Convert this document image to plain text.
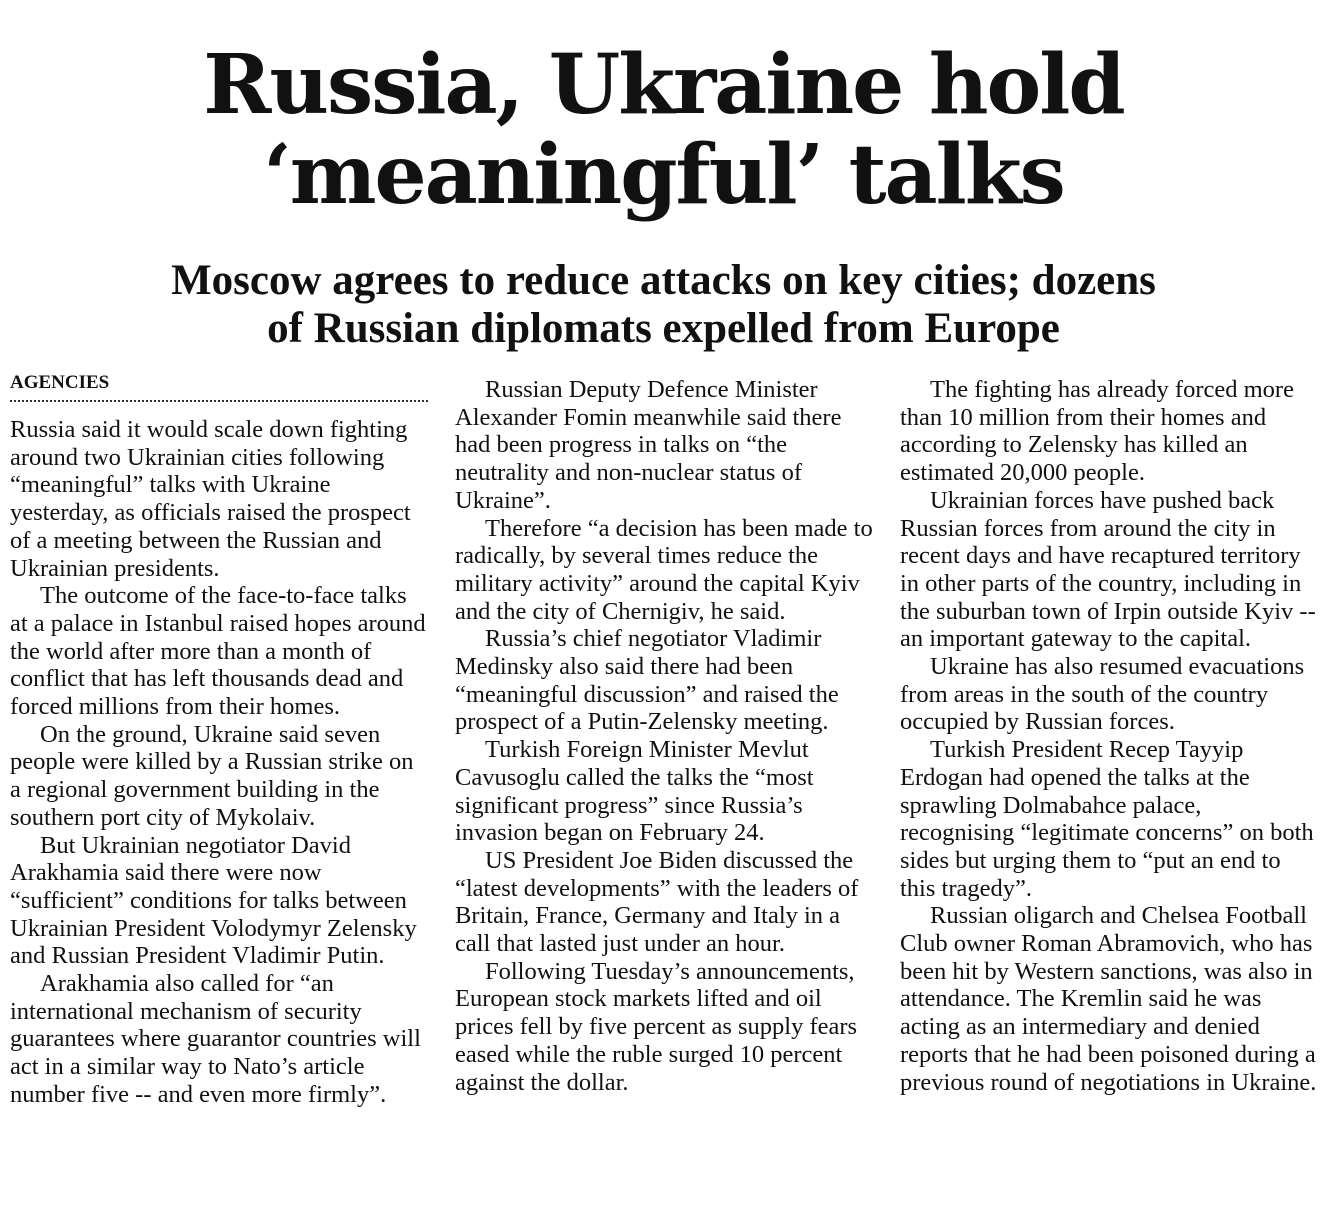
Russia, Ukraine hold
‘meaningful’ talks
Moscow agrees to reduce attacks on key cities; dozens
of Russian diplomats expelled from Europe
AGENCIES

Russia said it would scale down fighting around two Ukrainian cities following “meaningful” talks with Ukraine yesterday, as officials raised the prospect of a meeting between the Russian and Ukrainian presidents.

The outcome of the face-to-face talks at a palace in Istanbul raised hopes around the world after more than a month of conflict that has left thousands dead and forced millions from their homes.

On the ground, Ukraine said seven people were killed by a Russian strike on a regional government building in the southern port city of Mykolaiv.

But Ukrainian negotiator David Arakhamia said there were now “sufficient” conditions for talks between Ukrainian President Volodymyr Zelensky and Russian President Vladimir Putin.

Arakhamia also called for “an international mechanism of security guarantees where guarantor countries will act in a similar way to Nato’s article number five -- and even more firmly”.

Russian Deputy Defence Minister Alexander Fomin meanwhile said there had been progress in talks on “the neutrality and non-nuclear status of Ukraine”.

Therefore “a decision has been made to radically, by several times reduce the military activity” around the capital Kyiv and the city of Chernigiv, he said.

Russia’s chief negotiator Vladimir Medinsky also said there had been “meaningful discussion” and raised the prospect of a Putin-Zelensky meeting.

Turkish Foreign Minister Mevlut Cavusoglu called the talks the “most significant progress” since Russia’s invasion began on February 24.

US President Joe Biden discussed the “latest developments” with the leaders of Britain, France, Germany and Italy in a call that lasted just under an hour.

Following Tuesday’s announcements, European stock markets lifted and oil prices fell by five percent as supply fears eased while the ruble surged 10 percent against the dollar.

The fighting has already forced more than 10 million from their homes and according to Zelensky has killed an estimated 20,000 people.

Ukrainian forces have pushed back Russian forces from around the city in recent days and have recaptured territory in other parts of the country, including in the suburban town of Irpin outside Kyiv -- an important gateway to the capital.

Ukraine has also resumed evacuations from areas in the south of the country occupied by Russian forces.

Turkish President Recep Tayyip Erdogan had opened the talks at the sprawling Dolmabahce palace, recognising “legitimate concerns” on both sides but urging them to “put an end to this tragedy”.

Russian oligarch and Chelsea Football Club owner Roman Abramovich, who has been hit by Western sanctions, was also in attendance. The Kremlin said he was acting as an intermediary and denied reports that he had been poisoned during a previous round of negotiations in Ukraine.
